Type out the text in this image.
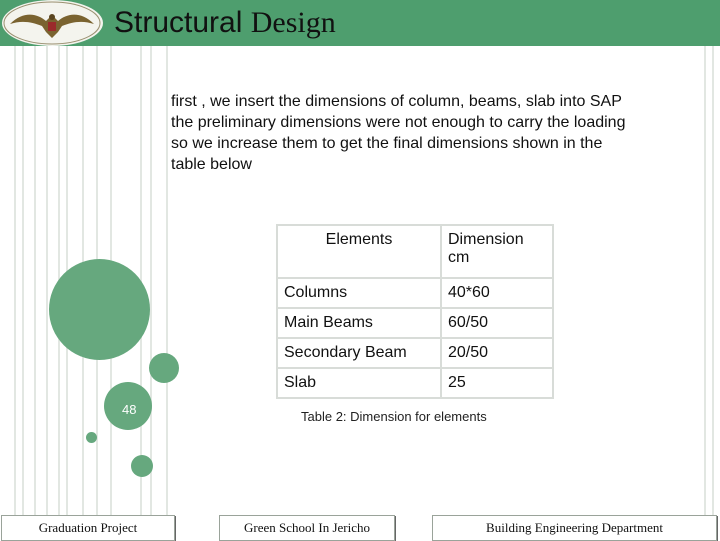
Structural Design
48
first , we insert the dimensions of column, beams, slab into SAP the preliminary dimensions were not enough to carry the loading so we increase them to get the final dimensions shown in the table below
Elements	Dimension cm
Columns	40*60
Main Beams	60/50
Secondary Beam	20/50
Slab	25
Table 2: Dimension for elements
Graduation Project	Green School In Jericho	Building Engineering Department
